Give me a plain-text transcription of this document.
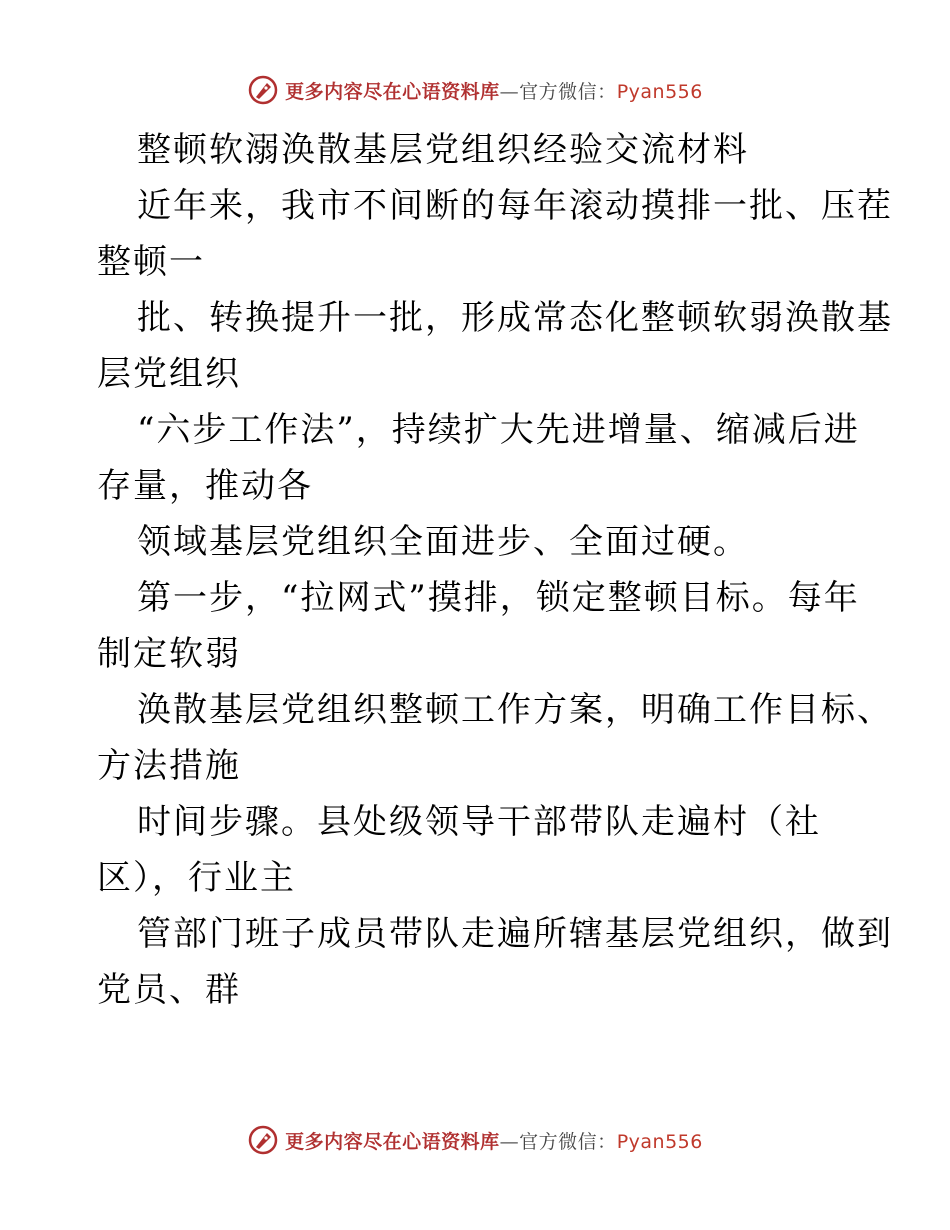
更多内容尽在心语资料库—官方微信：Pyan556
整顿软溺涣散基层党组织经验交流材料
近年来，我市不间断的每年滚动摸排一批、压茬
整顿一
批、转换提升一批，形成常态化整顿软弱涣散基
层党组织
“六步工作法”，持续扩大先进增量、缩减后进
存量，推动各
领域基层党组织全面进步、全面过硬。
第一步，“拉网式”摸排，锁定整顿目标。每年
制定软弱
涣散基层党组织整顿工作方案，明确工作目标、
方法措施
时间步骤。县处级领导干部带队走遍村（社
区），行业主
管部门班子成员带队走遍所辖基层党组织，做到
党员、群
更多内容尽在心语资料库—官方微信：Pyan556
